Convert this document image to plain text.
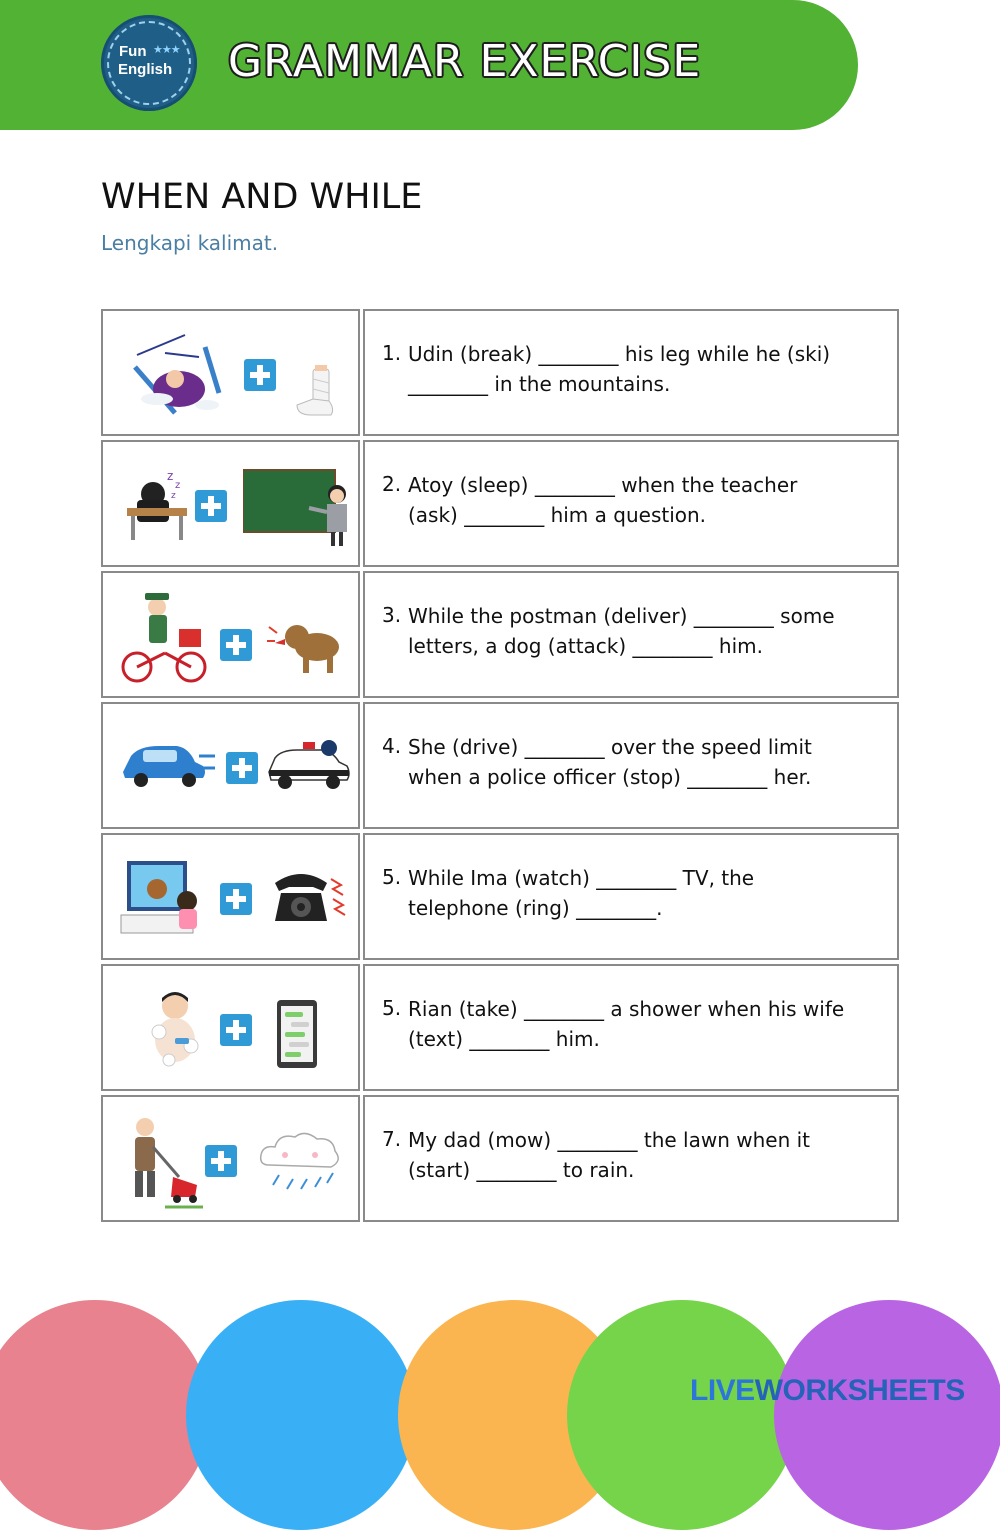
Fun ★★★
English GRAMMAR EXERCISE
WHEN AND WHILE
Lengkapi kalimat.
1. Udin (break) ________ his leg while he (ski)
________ in the mountains.
z
z
z	2. Atoy (sleep) ________ when the teacher
(ask) ________ him a question.
3. While the postman (deliver) ________ some
letters, a dog (attack) ________ him.
4. She (drive) ________ over the speed limit
when a police officer (stop) ________ her.
5. While Ima (watch) ________ TV, the
telephone (ring) ________.
5. Rian (take) ________ a shower when his wife
(text) ________ him.
7. My dad (mow) ________ the lawn when it
(start) ________ to rain.
LIVEWORKSHEETS
